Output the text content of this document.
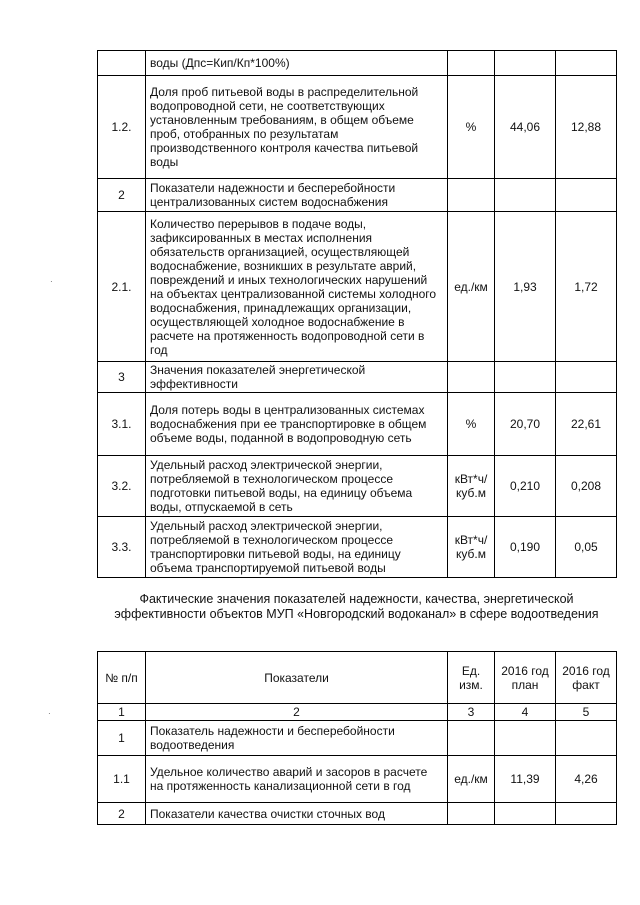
	воды (Дпс=Кип/Кп*100%)			
1.2.	Доля проб питьевой воды в распределительной водопроводной сети, не соответствующих установленным требованиям, в общем объеме проб, отобранных по результатам производственного контроля качества питьевой воды	%	44,06	12,88
2	Показатели надежности и бесперебойности централизованных систем водоснабжения			
2.1.	Количество перерывов в подаче воды, зафиксированных в местах исполнения обязательств организацией, осуществляющей водоснабжение, возникших в результате аврий, повреждений и иных технологических нарушений на объектах централизованной системы холодного водоснабжения, принадлежащих организации, осуществляющей холодное водоснабжение в расчете на протяженность водопроводной сети в год	ед./км	1,93	1,72
3	Значения показателей энергетической эффективности			
3.1.	Доля потерь воды в централизованных системах водоснабжения при ее транспортировке в общем объеме воды, поданной в водопроводную сеть	%	20,70	22,61
3.2.	Удельный расход электрической энергии, потребляемой в технологическом процессе подготовки питьевой воды, на единицу объема воды, отпускаемой в сеть	кВт*ч/куб.м	0,210	0,208
3.3.	Удельный расход электрической энергии, потребляемой в технологическом процессе транспортировки питьевой воды, на единицу объема транспортируемой питьевой воды	кВт*ч/куб.м	0,190	0,05
Фактические значения показателей надежности, качества, энергетической эффективности объектов МУП «Новгородский водоканал» в сфере водоотведения
№ п/п	Показатели	Ед. изм.	2016 год план	2016 год факт
1	2	3	4	5
1	Показатель надежности и бесперебойности водоотведения			
1.1	Удельное количество аварий и засоров в расчете на протяженность канализационной сети в год	ед./км	11,39	4,26
2	Показатели качества очистки сточных вод			
·
·
